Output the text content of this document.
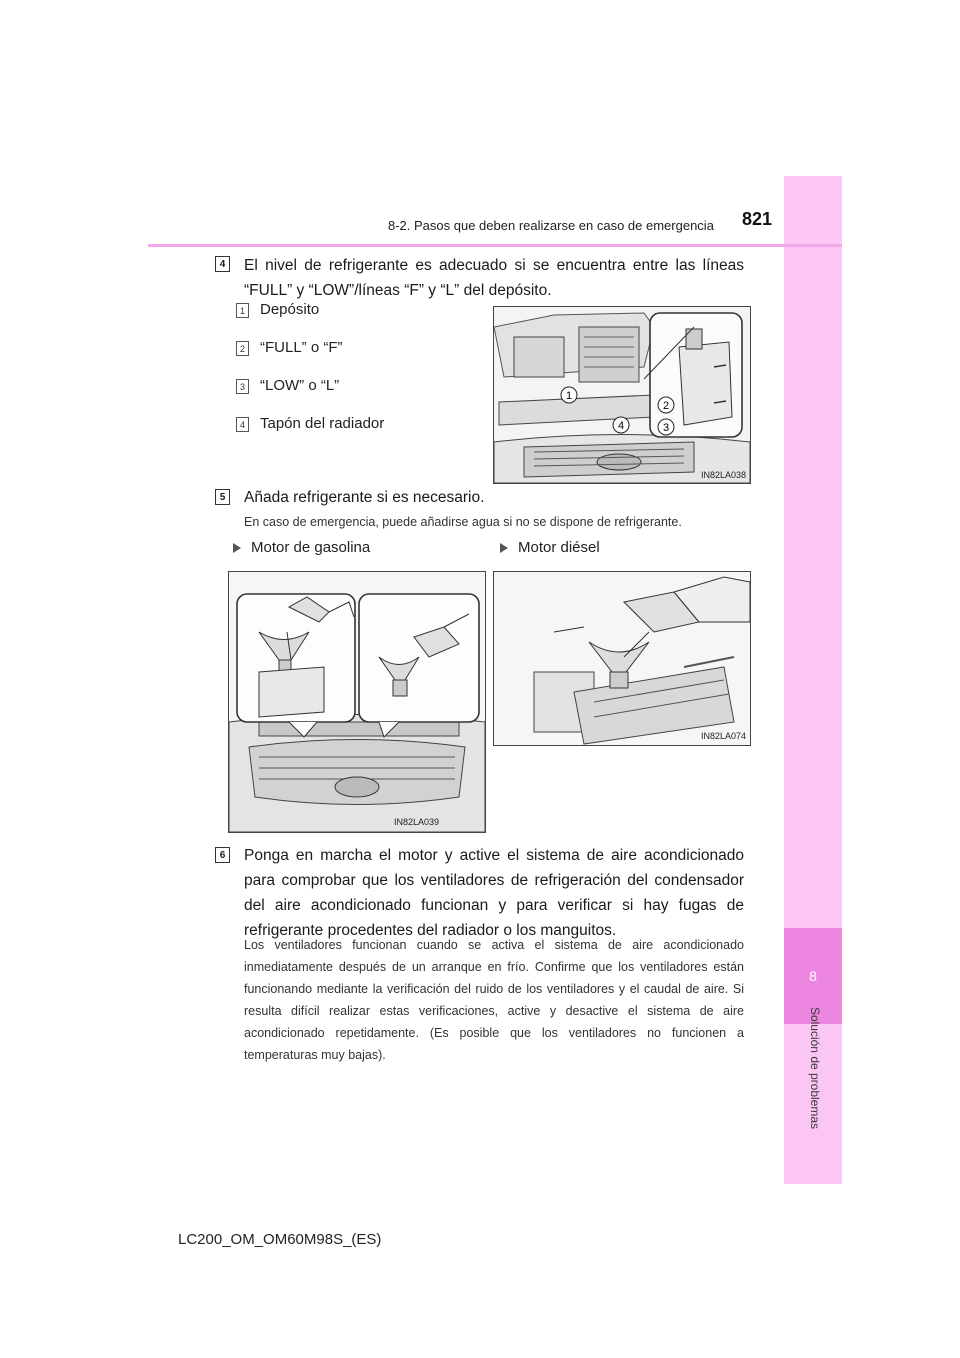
8
Solución de problemas
8-2. Pasos que deben realizarse en caso de emergencia 821
4	El nivel de refrigerante es adecuado si se encuentra entre las líneas “FULL” y “LOW”/líneas “F” y “L” del depósito.
1 Depósito
2 “FULL” o “F”
3 “LOW” o “L”
4 Tapón del radiador
1
2
3
4
IN82LA038
5	Añada refrigerante si es necesario.
En caso de emergencia, puede añadirse agua si no se dispone de refrigerante.
Motor de gasolina	Motor diésel
IN82LA039
IN82LA074
6	Ponga en marcha el motor y active el sistema de aire acondicionado para comprobar que los ventiladores de refrigeración del condensador del aire acondicionado funcionan y para verificar si hay fugas de refrigerante procedentes del radiador o los manguitos.
Los ventiladores funcionan cuando se activa el sistema de aire acondicionado inmediatamente después de un arranque en frío. Confirme que los ventiladores están funcionando mediante la verificación del ruido de los ventiladores y el caudal de aire. Si resulta difícil realizar estas verificaciones, active y desactive el sistema de aire acondicionado repetidamente. (Es posible que los ventiladores no funcionen a temperaturas muy bajas).
LC200_OM_OM60M98S_(ES)
